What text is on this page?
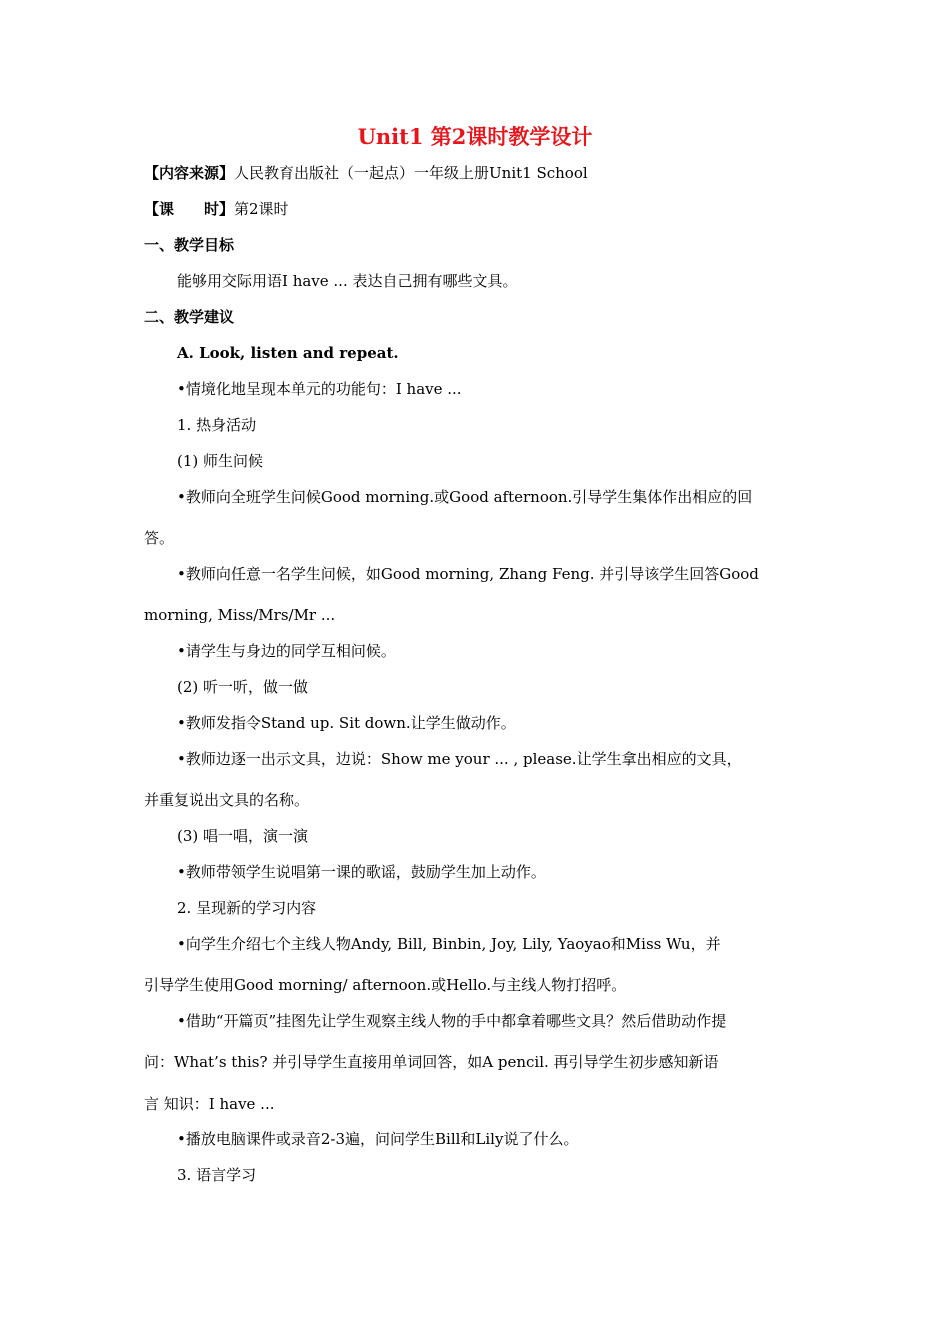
Unit1 第2课时教学设计
【内容来源】人民教育出版社（一起点）一年级上册Unit1 School
【课　　时】第2课时
一、教学目标
能够用交际用语I have ... 表达自己拥有哪些文具。
二、教学建议
A. Look, listen and repeat.
•情境化地呈现本单元的功能句：I have ...
1. 热身活动
(1) 师生问候
•教师向全班学生问候Good morning.或Good afternoon.引导学生集体作出相应的回
答。
•教师向任意一名学生问候，如Good morning, Zhang Feng. 并引导该学生回答Good
morning, Miss/Mrs/Mr ...
•请学生与身边的同学互相问候。
(2) 听一听，做一做
•教师发指令Stand up. Sit down.让学生做动作。
•教师边逐一出示文具，边说：Show me your ... , please.让学生拿出相应的文具，
并重复说出文具的名称。
(3) 唱一唱，演一演
•教师带领学生说唱第一课的歌谣，鼓励学生加上动作。
2. 呈现新的学习内容
•向学生介绍七个主线人物Andy, Bill, Binbin, Joy, Lily, Yaoyao和Miss Wu，并
引导学生使用Good morning/ afternoon.或Hello.与主线人物打招呼。
•借助“开篇页”挂图先让学生观察主线人物的手中都拿着哪些文具？然后借助动作提
问：What’s this? 并引导学生直接用单词回答，如A pencil. 再引导学生初步感知新语
言 知识：I have ...
•播放电脑课件或录音2-3遍，问问学生Bill和Lily说了什么。
3. 语言学习
